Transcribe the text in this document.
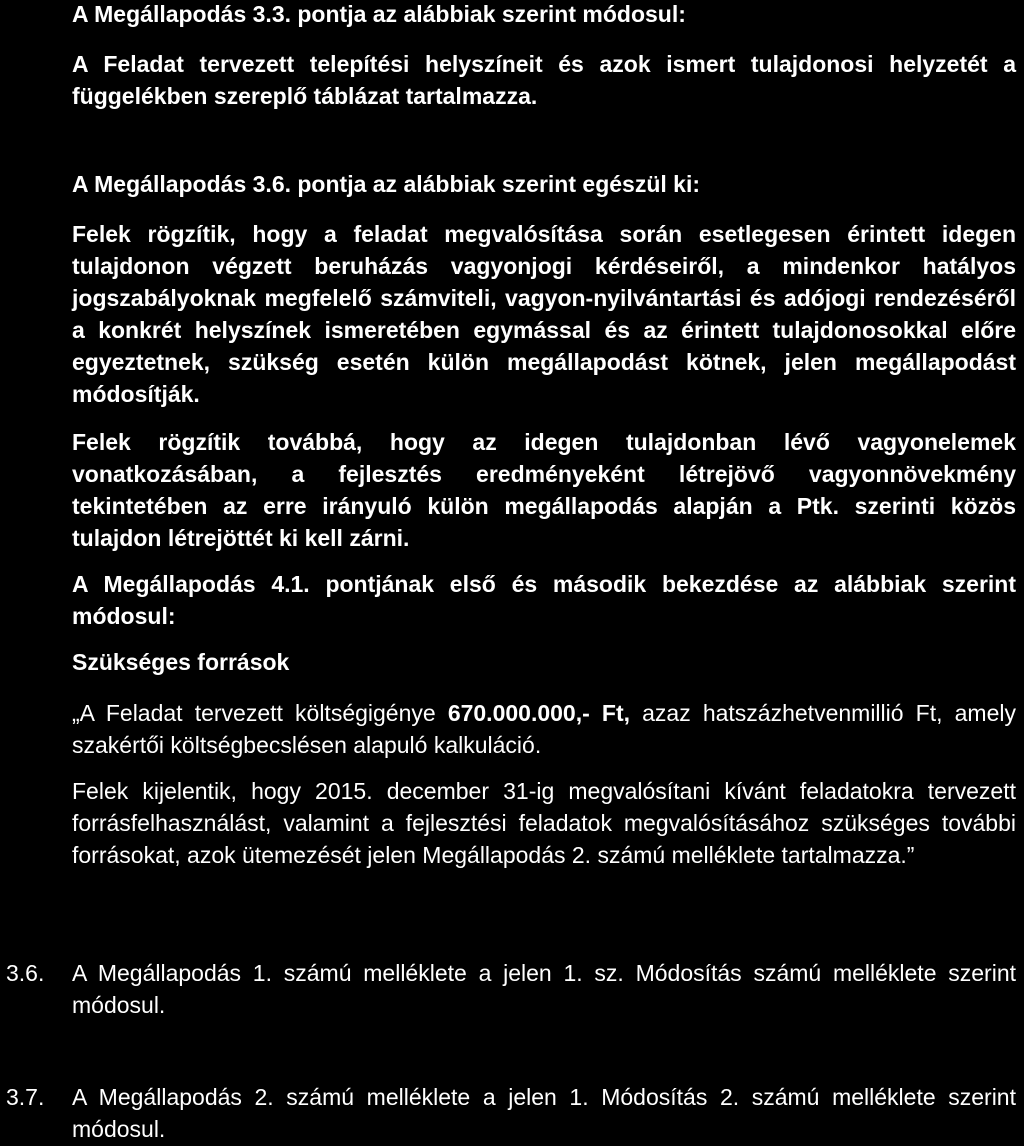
A Megállapodás 3.3. pontja az alábbiak szerint módosul:

A Feladat tervezett telepítési helyszíneit és azok ismert tulajdonosi helyzetét a függelékben szereplő táblázat tartalmazza.

A Megállapodás 3.6. pontja az alábbiak szerint egészül ki:

Felek rögzítik, hogy a feladat megvalósítása során esetlegesen érintett idegen tulajdonon végzett beruházás vagyonjogi kérdéseiről, a mindenkor hatályos jogszabályoknak megfelelő számviteli, vagyon-nyilvántartási és adójogi rendezéséről a konkrét helyszínek ismeretében egymással és az érintett tulajdonosokkal előre egyeztetnek, szükség esetén külön megállapodást kötnek, jelen megállapodást módosítják.

Felek rögzítik továbbá, hogy az idegen tulajdonban lévő vagyonelemek vonatkozásában, a fejlesztés eredményeként létrejövő vagyonnövekmény tekintetében az erre irányuló külön megállapodás alapján a Ptk. szerinti közös tulajdon létrejöttét ki kell zárni.

A Megállapodás 4.1. pontjának első és második bekezdése az alábbiak szerint módosul:

Szükséges források

„A Feladat tervezett költségigénye 670.000.000,- Ft, azaz hatszázhetvenmillió Ft, amely szakértői költségbecslésen alapuló kalkuláció.

Felek kijelentik, hogy 2015. december 31-ig megvalósítani kívánt feladatokra tervezett forrásfelhasználást, valamint a fejlesztési feladatok megvalósításához szükséges további forrásokat, azok ütemezését jelen Megállapodás 2. számú melléklete tartalmazza.”

3.6. A Megállapodás 1. számú melléklete a jelen 1. sz. Módosítás számú melléklete szerint módosul.

3.7. A Megállapodás 2. számú melléklete a jelen 1. Módosítás 2. számú melléklete szerint módosul.
